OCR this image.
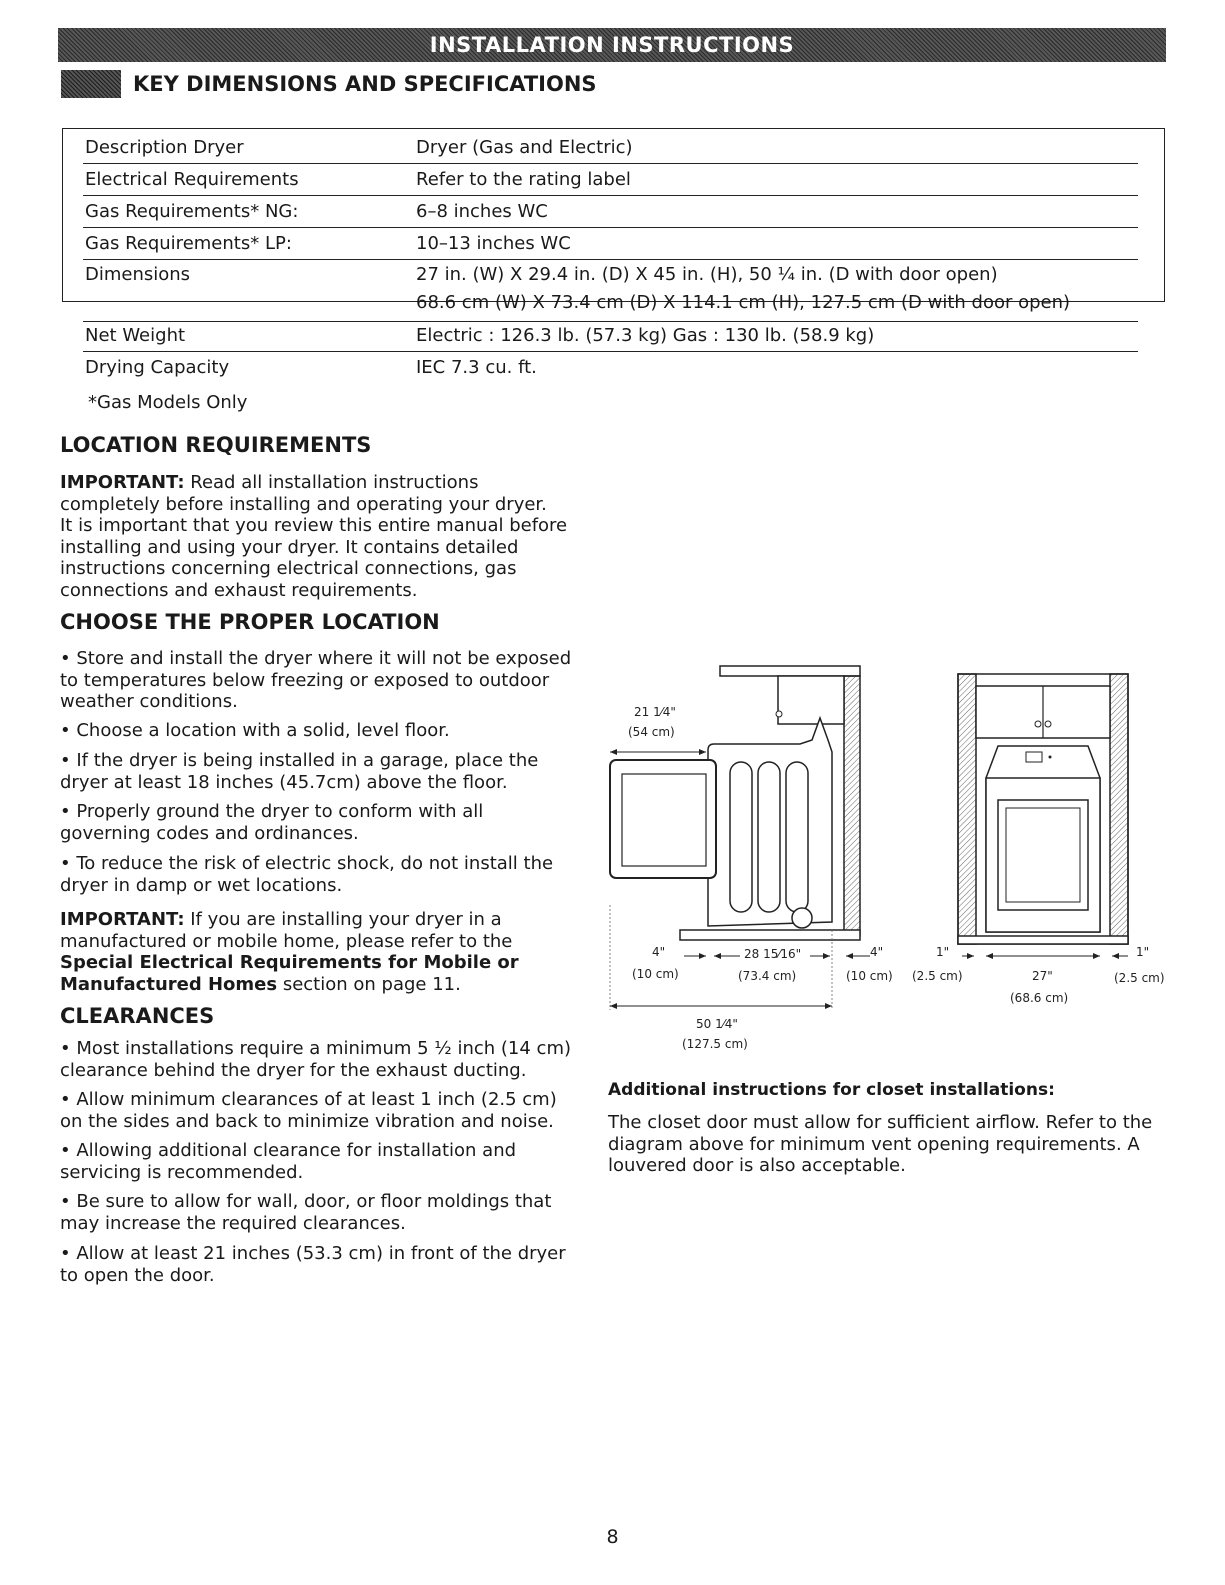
INSTALLATION INSTRUCTIONS
KEY DIMENSIONS AND SPECIFICATIONS
Description Dryer	Dryer (Gas and Electric)
Electrical Requirements	Refer to the rating label
Gas Requirements* NG:	6–8 inches WC
Gas Requirements* LP:	10–13 inches WC
Dimensions	27 in. (W) X 29.4 in. (D) X 45 in. (H), 50 ¼ in. (D with door open)
68.6 cm (W) X 73.4 cm (D) X 114.1 cm (H), 127.5 cm (D with door open)
Net Weight	Electric : 126.3 lb. (57.3 kg) Gas : 130 lb. (58.9 kg)
Drying Capacity	IEC 7.3 cu. ft.
*Gas Models Only
LOCATION REQUIREMENTS
IMPORTANT: Read all installation instructions
completely before installing and operating your dryer.
It is important that you review this entire manual before
installing and using your dryer. It contains detailed
instructions concerning electrical connections, gas
connections and exhaust requirements.
CHOOSE THE PROPER LOCATION
• Store and install the dryer where it will not be exposed
to temperatures below freezing or exposed to outdoor
weather conditions.
• Choose a location with a solid, level floor.
• If the dryer is being installed in a garage, place the
dryer at least 18 inches (45.7cm) above the floor.
• Properly ground the dryer to conform with all
governing codes and ordinances.
• To reduce the risk of electric shock, do not install the
dryer in damp or wet locations.
IMPORTANT: If you are installing your dryer in a
manufactured or mobile home, please refer to the
Special Electrical Requirements for Mobile or
Manufactured Homes section on page 11.
CLEARANCES
• Most installations require a minimum 5 ½ inch (14 cm)
clearance behind the dryer for the exhaust ducting.
• Allow minimum clearances of at least 1 inch (2.5 cm)
on the sides and back to minimize vibration and noise.
• Allowing additional clearance for installation and
servicing is recommended.
• Be sure to allow for wall, door, or floor moldings that
may increase the required clearances.
• Allow at least 21 inches (53.3 cm) in front of the dryer
to open the door.
21 1⁄4"
(54 cm)
4"
(10 cm)
28 15⁄16"
(73.4 cm)
4"
(10 cm)
50 1⁄4"
(127.5 cm)
1"
(2.5 cm)	27"
(68.6 cm)
1"
(2.5 cm)
Additional instructions for closet installations:
The closet door must allow for sufficient airflow. Refer to the
diagram above for minimum vent opening requirements. A
louvered door is also acceptable.
8
